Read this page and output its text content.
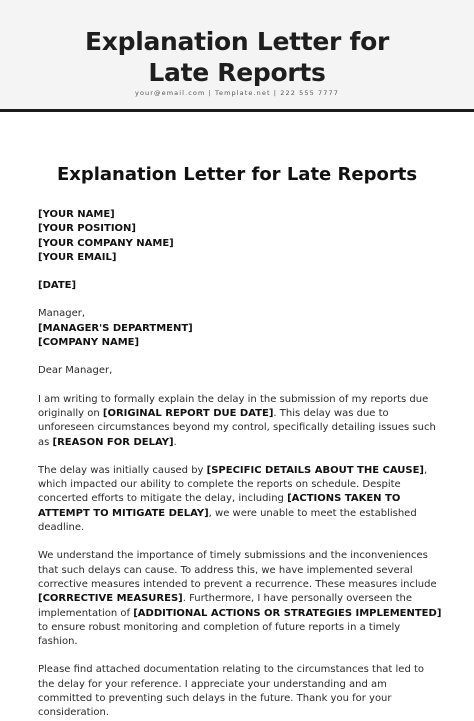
Explanation Letter for
Late Reports
your@email.com | Template.net | 222 555 7777
Explanation Letter for Late Reports

[YOUR NAME]

[YOUR POSITION]

[YOUR COMPANY NAME]

[YOUR EMAIL]

[DATE]

Manager,

[MANAGER'S DEPARTMENT]

[COMPANY NAME]

Dear Manager,

I am writing to formally explain the delay in the submission of my reports due originally on [ORIGINAL REPORT DUE DATE]. This delay was due to unforeseen circumstances beyond my control, specifically detailing issues such as [REASON FOR DELAY].

The delay was initially caused by [SPECIFIC DETAILS ABOUT THE CAUSE], which impacted our ability to complete the reports on schedule. Despite concerted efforts to mitigate the delay, including [ACTIONS TAKEN TO ATTEMPT TO MITIGATE DELAY], we were unable to meet the established deadline.

We understand the importance of timely submissions and the inconveniences that such delays can cause. To address this, we have implemented several corrective measures intended to prevent a recurrence. These measures include [CORRECTIVE MEASURES]. Furthermore, I have personally overseen the implementation of [ADDITIONAL ACTIONS OR STRATEGIES IMPLEMENTED] to ensure robust monitoring and completion of future reports in a timely fashion.

Please find attached documentation relating to the circumstances that led to the delay for your reference. I appreciate your understanding and am committed to preventing such delays in the future. Thank you for your consideration.
